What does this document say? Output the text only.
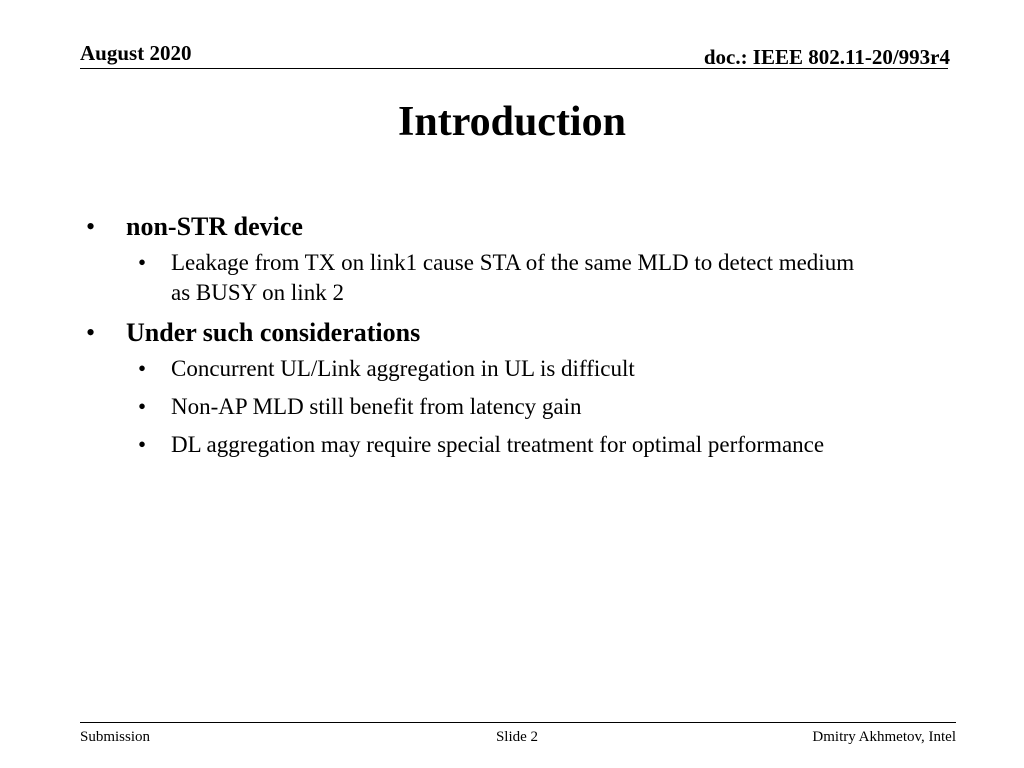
August 2020	doc.: IEEE 802.11-20/993r4
Introduction
• non-STR device
• Leakage from TX on link1 cause STA of the same MLD to detect medium as BUSY on link 2
• Under such considerations
• Concurrent UL/Link aggregation in UL is difficult
• Non-AP MLD still benefit from latency gain
• DL aggregation may require special treatment for optimal performance
Submission	Slide 2	Dmitry Akhmetov, Intel
